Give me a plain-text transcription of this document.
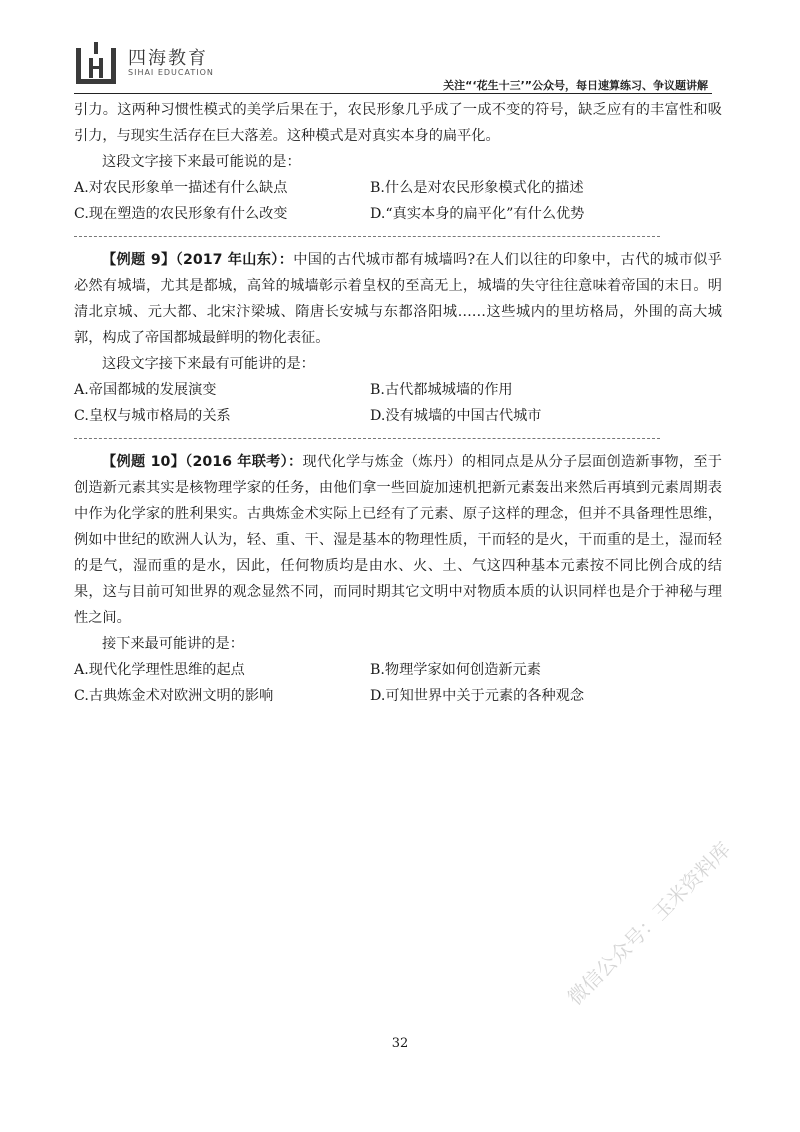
四海教育
SIHAI EDUCATION
关注“‘花生十三’”公众号，每日速算练习、争议题讲解

引力。这两种习惯性模式的美学后果在于，农民形象几乎成了一成不变的符号，缺乏应有的丰富性和吸引力，与现实生活存在巨大落差。这种模式是对真实本身的扁平化。

这段文字接下来最可能说的是：

A.对农民形象单一描述有什么缺点	B.什么是对农民形象模式化的描述
C.现在塑造的农民形象有什么改变	D.“真实本身的扁平化”有什么优势

【例题 9】（2017 年山东）：中国的古代城市都有城墙吗?在人们以往的印象中，古代的城市似乎必然有城墙，尤其是都城，高耸的城墙彰示着皇权的至高无上，城墙的失守往往意味着帝国的末日。明清北京城、元大都、北宋汴梁城、隋唐长安城与东都洛阳城……这些城内的里坊格局，外围的高大城郭，构成了帝国都城最鲜明的物化表征。

这段文字接下来最有可能讲的是：

A.帝国都城的发展演变	B.古代都城城墙的作用
C.皇权与城市格局的关系	D.没有城墙的中国古代城市

【例题 10】（2016 年联考）：现代化学与炼金（炼丹）的相同点是从分子层面创造新事物，至于创造新元素其实是核物理学家的任务，由他们拿一些回旋加速机把新元素轰出来然后再填到元素周期表中作为化学家的胜利果实。古典炼金术实际上已经有了元素、原子这样的理念，但并不具备理性思维，例如中世纪的欧洲人认为，轻、重、干、湿是基本的物理性质，干而轻的是火，干而重的是土，湿而轻的是气，湿而重的是水，因此，任何物质均是由水、火、土、气这四种基本元素按不同比例合成的结果，这与目前可知世界的观念显然不同，而同时期其它文明中对物质本质的认识同样也是介于神秘与理性之间。

接下来最可能讲的是：

A.现代化学理性思维的起点	B.物理学家如何创造新元素
C.古典炼金术对欧洲文明的影响	D.可知世界中关于元素的各种观念
32
微信公众号：玉米资料库
